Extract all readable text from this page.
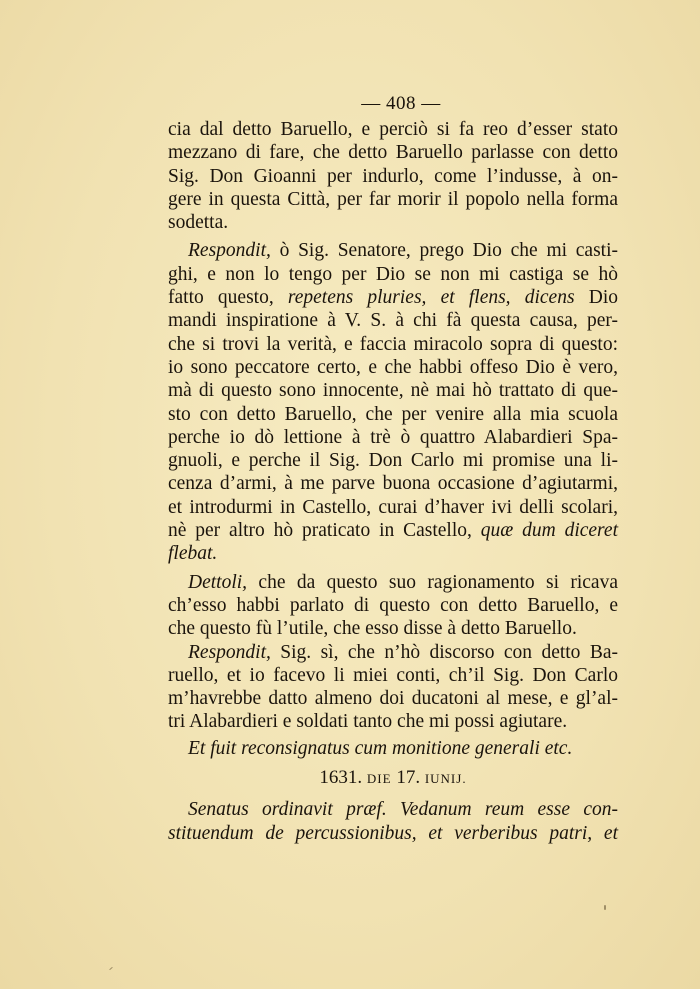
— 408 —
cia dal detto Baruello, e perciò si fa reo d’esser stato
mezzano di fare, che detto Baruello parlasse con detto
Sig. Don Gioanni per indurlo, come l’indusse, à on-
gere in questa Città, per far morir il popolo nella forma
sodetta.
Respondit, ò Sig. Senatore, prego Dio che mi casti-
ghi, e non lo tengo per Dio se non mi castiga se hò
fatto questo, repetens pluries, et flens, dicens Dio
mandi inspiratione à V. S. à chi fà questa causa, per-
che si trovi la verità, e faccia miracolo sopra di questo:
io sono peccatore certo, e che habbi offeso Dio è vero,
mà di questo sono innocente, nè mai hò trattato di que-
sto con detto Baruello, che per venire alla mia scuola
perche io dò lettione à trè ò quattro Alabardieri Spa-
gnuoli, e perche il Sig. Don Carlo mi promise una li-
cenza d’armi, à me parve buona occasione d’agiutarmi,
et introdurmi in Castello, curai d’haver ivi delli scolari,
nè per altro hò praticato in Castello, quæ dum diceret
flebat.
Dettoli, che da questo suo ragionamento si ricava
ch’esso habbi parlato di questo con detto Baruello, e
che questo fù l’utile, che esso disse à detto Baruello.
Respondit, Sig. sì, che n’hò discorso con detto Ba-
ruello, et io facevo li miei conti, ch’il Sig. Don Carlo
m’havrebbe datto almeno doi ducatoni al mese, e gl’al-
tri Alabardieri e soldati tanto che mi possi agiutare.
Et fuit reconsignatus cum monitione generali etc.
1631. DIE 17. IUNIJ.
Senatus ordinavit præf. Vedanum reum esse con-
stituendum de percussionibus, et verberibus patri, et
